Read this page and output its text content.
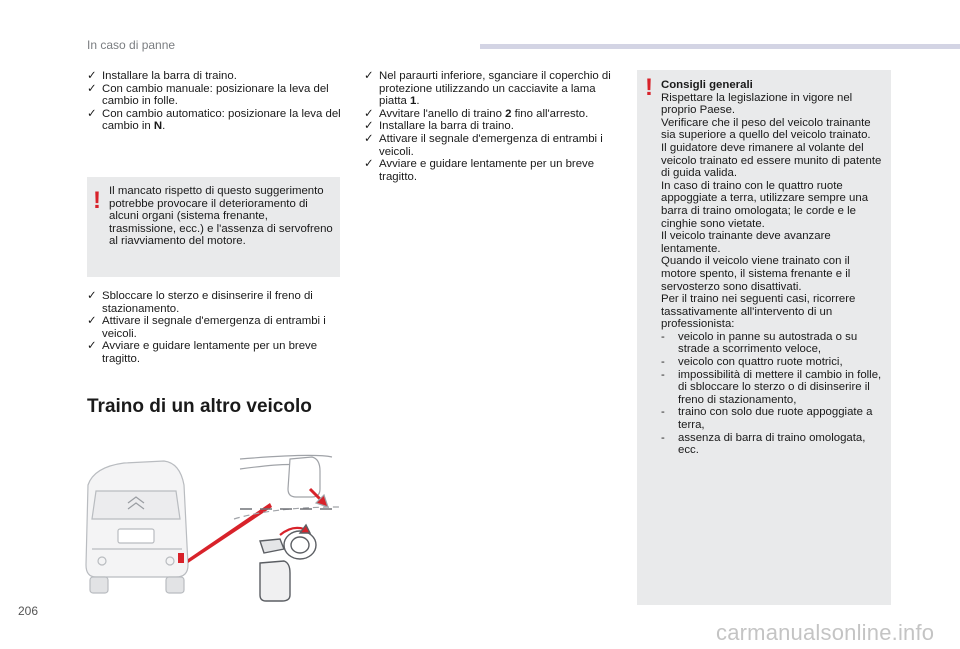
In caso di panne
✓ Installare la barra di traino.
✓ Con cambio manuale: posizionare la leva del cambio in folle.
✓ Con cambio automatico: posizionare la leva del cambio in N.
! Il mancato rispetto di questo suggerimento potrebbe provocare il deterioramento di alcuni organi (sistema frenante, trasmissione, ecc.) e l'assenza di servofreno al riavviamento del motore.
✓ Sbloccare lo sterzo e disinserire il freno di stazionamento.
✓ Attivare il segnale d'emergenza di entrambi i veicoli.
✓ Avviare e guidare lentamente per un breve tragitto.
Traino di un altro veicolo
✓ Nel paraurti inferiore, sganciare il coperchio di protezione utilizzando un cacciavite a lama piatta 1.
✓ Avvitare l'anello di traino 2 fino all'arresto.
✓ Installare la barra di traino.
✓ Attivare il segnale d'emergenza di entrambi i veicoli.
✓ Avviare e guidare lentamente per un breve tragitto.
! Consigli generali
Rispettare la legislazione in vigore nel proprio Paese.
Verificare che il peso del veicolo trainante sia superiore a quello del veicolo trainato.
Il guidatore deve rimanere al volante del veicolo trainato ed essere munito di patente di guida valida.
In caso di traino con le quattro ruote appoggiate a terra, utilizzare sempre una barra di traino omologata; le corde e le cinghie sono vietate.
Il veicolo trainante deve avanzare lentamente.
Quando il veicolo viene trainato con il motore spento, il sistema frenante e il servosterzo sono disattivati.
Per il traino nei seguenti casi, ricorrere tassativamente all'intervento di un professionista:
- veicolo in panne su autostrada o su strade a scorrimento veloce,
- veicolo con quattro ruote motrici,
- impossibilità di mettere il cambio in folle, di sbloccare lo sterzo o di disinserire il freno di stazionamento,
- traino con solo due ruote appoggiate a terra,
- assenza di barra di traino omologata, ecc.
206
carmanualsonline.info
